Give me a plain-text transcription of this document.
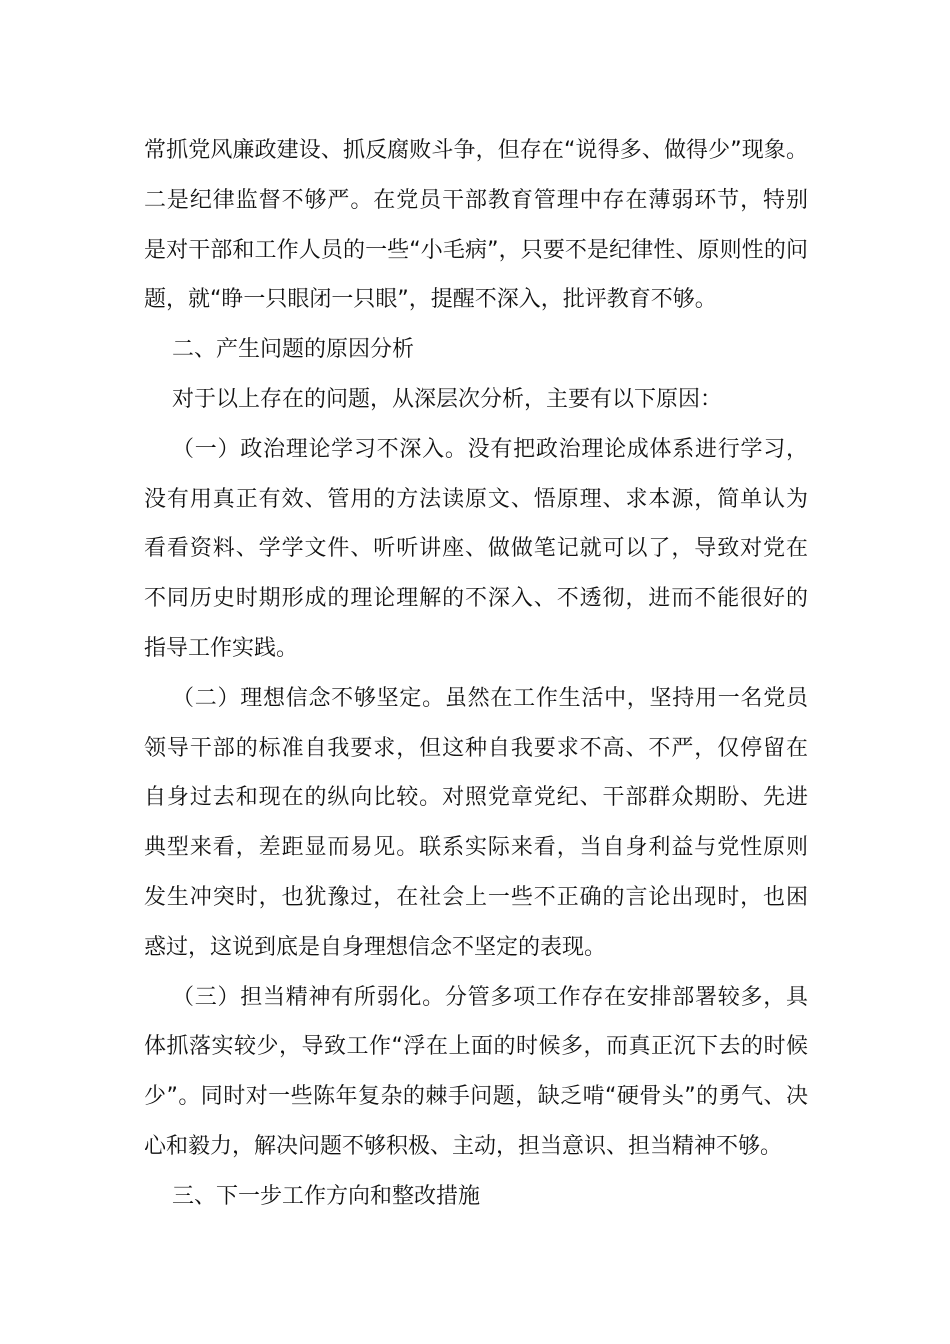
常抓党风廉政建设、抓反腐败斗争，但存在“说得多、做得少”现象。
二是纪律监督不够严。在党员干部教育管理中存在薄弱环节，特别
是对干部和工作人员的一些“小毛病”，只要不是纪律性、原则性的问
题，就“睁一只眼闭一只眼”，提醒不深入，批评教育不够。
二、产生问题的原因分析
对于以上存在的问题，从深层次分析，主要有以下原因：
（一）政治理论学习不深入。没有把政治理论成体系进行学习，
没有用真正有效、管用的方法读原文、悟原理、求本源，简单认为
看看资料、学学文件、听听讲座、做做笔记就可以了，导致对党在
不同历史时期形成的理论理解的不深入、不透彻，进而不能很好的
指导工作实践。
（二）理想信念不够坚定。虽然在工作生活中，坚持用一名党员
领导干部的标准自我要求，但这种自我要求不高、不严，仅停留在
自身过去和现在的纵向比较。对照党章党纪、干部群众期盼、先进
典型来看，差距显而易见。联系实际来看，当自身利益与党性原则
发生冲突时，也犹豫过，在社会上一些不正确的言论出现时，也困
惑过，这说到底是自身理想信念不坚定的表现。
（三）担当精神有所弱化。分管多项工作存在安排部署较多，具
体抓落实较少，导致工作“浮在上面的时候多，而真正沉下去的时候
少”。同时对一些陈年复杂的棘手问题，缺乏啃“硬骨头”的勇气、决
心和毅力，解决问题不够积极、主动，担当意识、担当精神不够。
三、下一步工作方向和整改措施
